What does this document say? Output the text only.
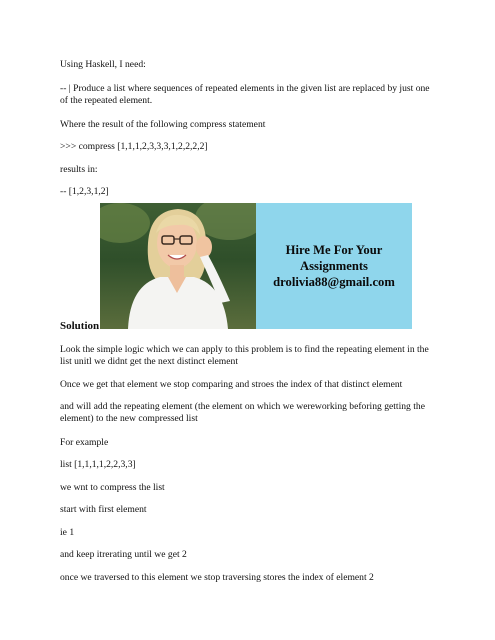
Using Haskell, I need:

-- | Produce a list where sequences of repeated elements in the given list are replaced by just one of the repeated element.

Where the result of the following compress statement

>>> compress [1,1,1,2,3,3,3,1,2,2,2,2]

results in:

-- [1,2,3,1,2]

Hire Me For Your
Assignments
drolivia88@gmail.com

Solution

Look the simple logic which we can apply to this problem is to find the repeating element in the list unitl we didnt get the next distinct element

Once we get that element we stop comparing and stroes the index of that distinct element

and will add the repeating element (the element on which we wereworking beforing getting the element) to the new compressed list

For example

list [1,1,1,1,2,2,3,3]

we wnt to compress the list

start with first element

ie 1

and keep itrerating until we get 2

once we traversed to this element we stop traversing stores the index of element 2
